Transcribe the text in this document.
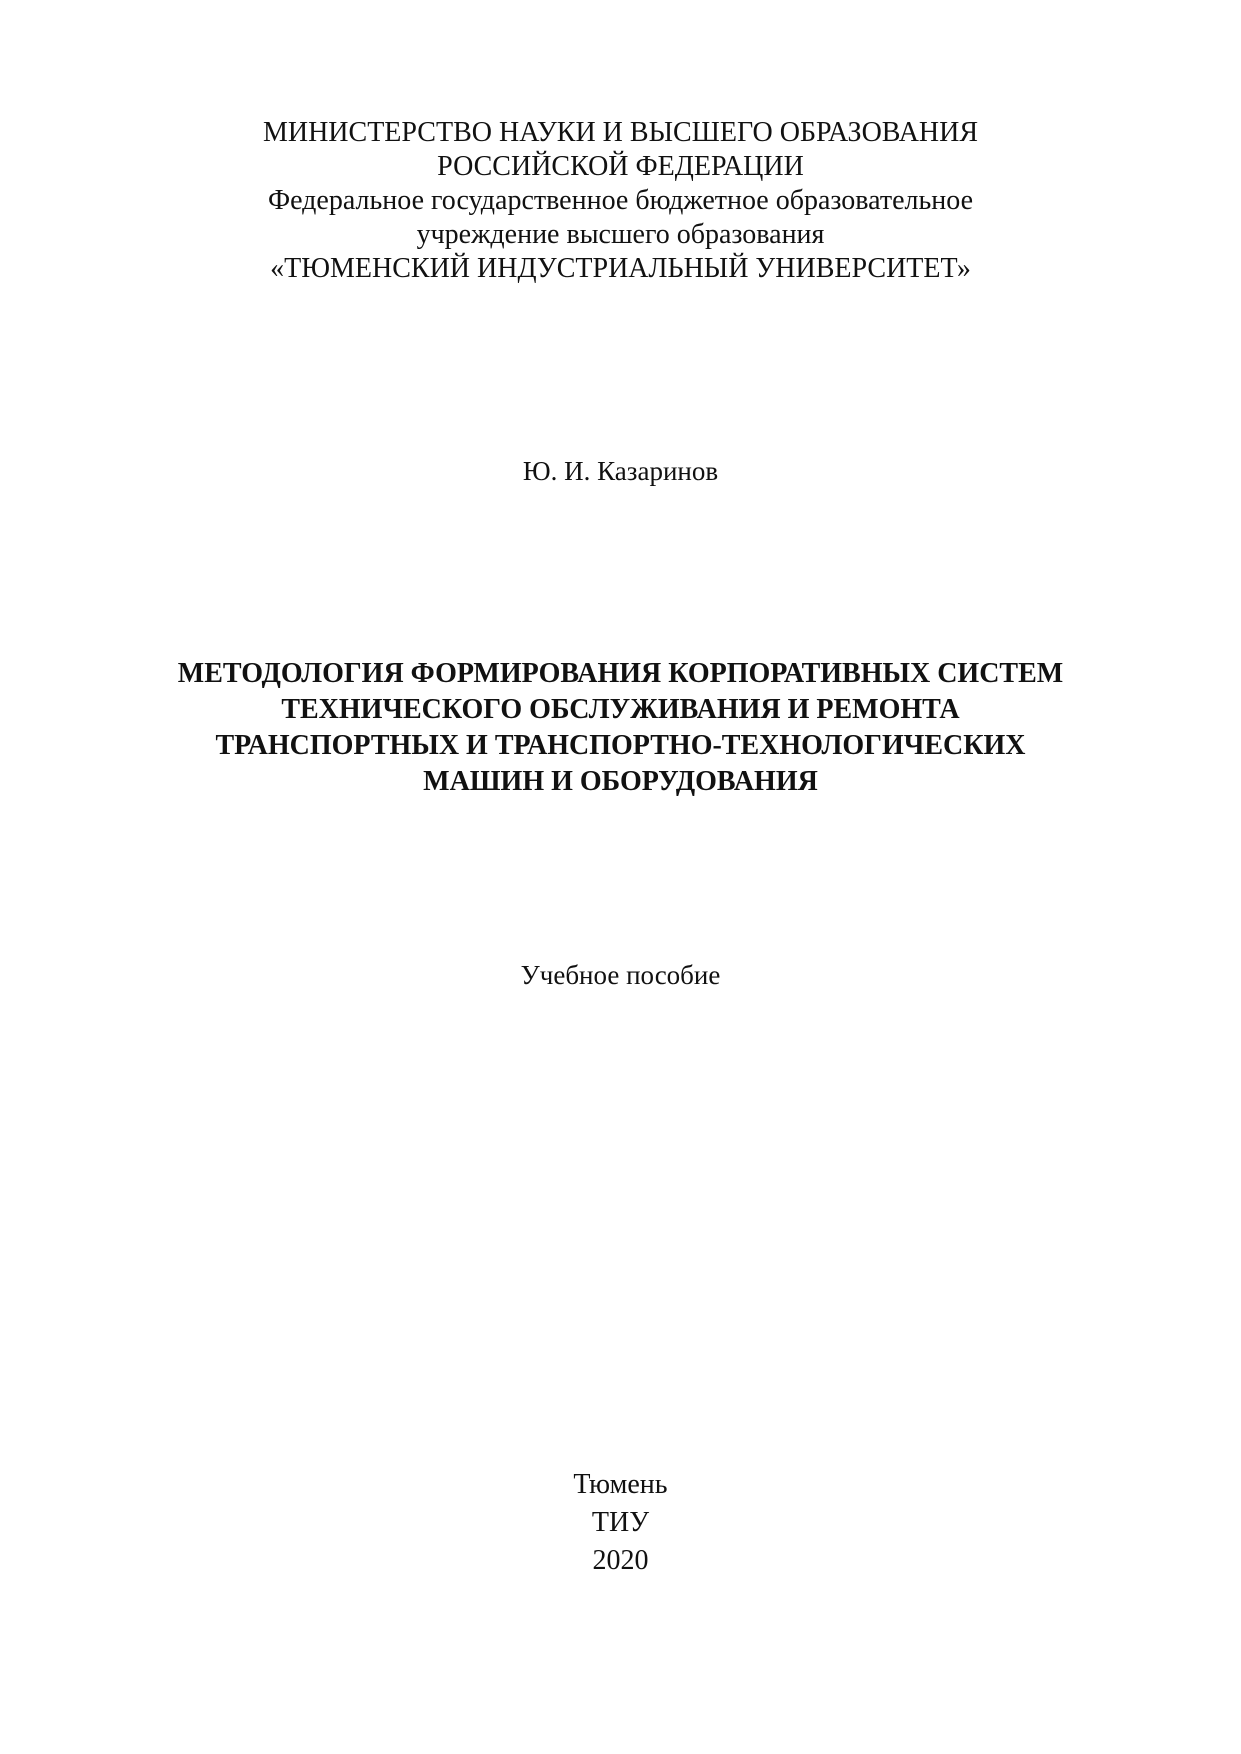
МИНИСТЕРСТВО НАУКИ И ВЫСШЕГО ОБРАЗОВАНИЯ
РОССИЙСКОЙ ФЕДЕРАЦИИ
Федеральное государственное бюджетное образовательное
учреждение высшего образования
«ТЮМЕНСКИЙ ИНДУСТРИАЛЬНЫЙ УНИВЕРСИТЕТ»
Ю. И. Казаринов
МЕТОДОЛОГИЯ ФОРМИРОВАНИЯ КОРПОРАТИВНЫХ СИСТЕМ
ТЕХНИЧЕСКОГО ОБСЛУЖИВАНИЯ И РЕМОНТА
ТРАНСПОРТНЫХ И ТРАНСПОРТНО-ТЕХНОЛОГИЧЕСКИХ
МАШИН И ОБОРУДОВАНИЯ
Учебное пособие
Тюмень
ТИУ
2020
